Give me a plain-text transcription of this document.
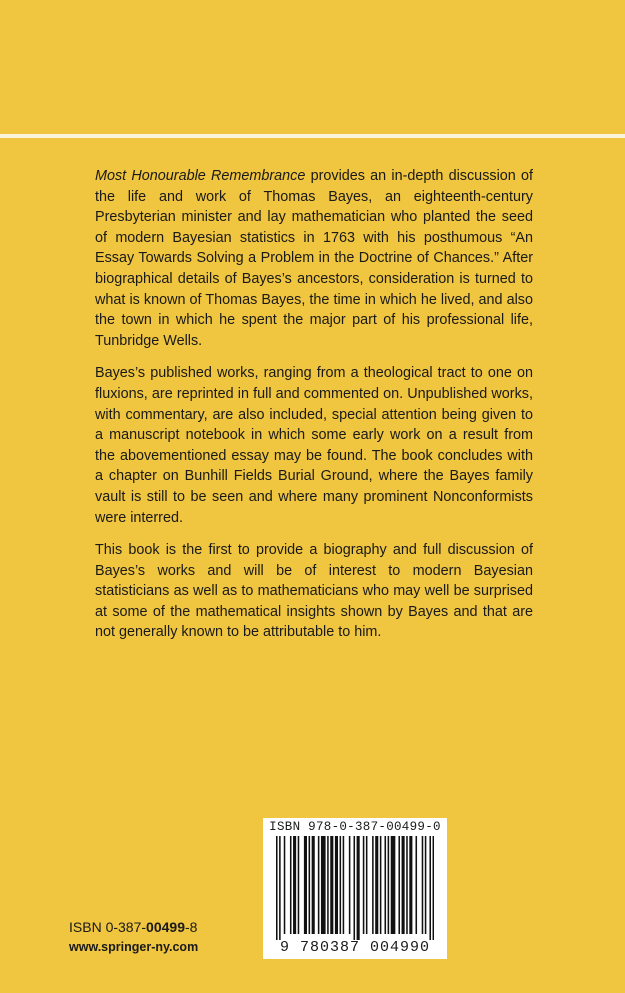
Most Honourable Remembrance provides an in-depth discussion of the life and work of Thomas Bayes, an eighteenth-century Presbyterian minister and lay mathematician who planted the seed of modern Bayesian statistics in 1763 with his posthumous “An Essay Towards Solving a Problem in the Doctrine of Chances.” After biographical details of Bayes’s ancestors, consideration is turned to what is known of Thomas Bayes, the time in which he lived, and also the town in which he spent the major part of his professional life, Tunbridge Wells.

Bayes’s published works, ranging from a theological tract to one on fluxions, are reprinted in full and commented on. Unpublished works, with commentary, are also included, special attention being given to a manuscript notebook in which some early work on a result from the abovementioned essay may be found. The book concludes with a chapter on Bunhill Fields Burial Ground, where the Bayes family vault is still to be seen and where many prominent Nonconformists were interred.

This book is the first to provide a biography and full discussion of Bayes’s works and will be of interest to modern Bayesian statisticians as well as to mathematicians who may well be surprised at some of the mathematical insights shown by Bayes and that are not generally known to be attributable to him.

ISBN 978-0-387-00499-0
9 780387 004990
ISBN 0-387-00499-8
www.springer-ny.com
